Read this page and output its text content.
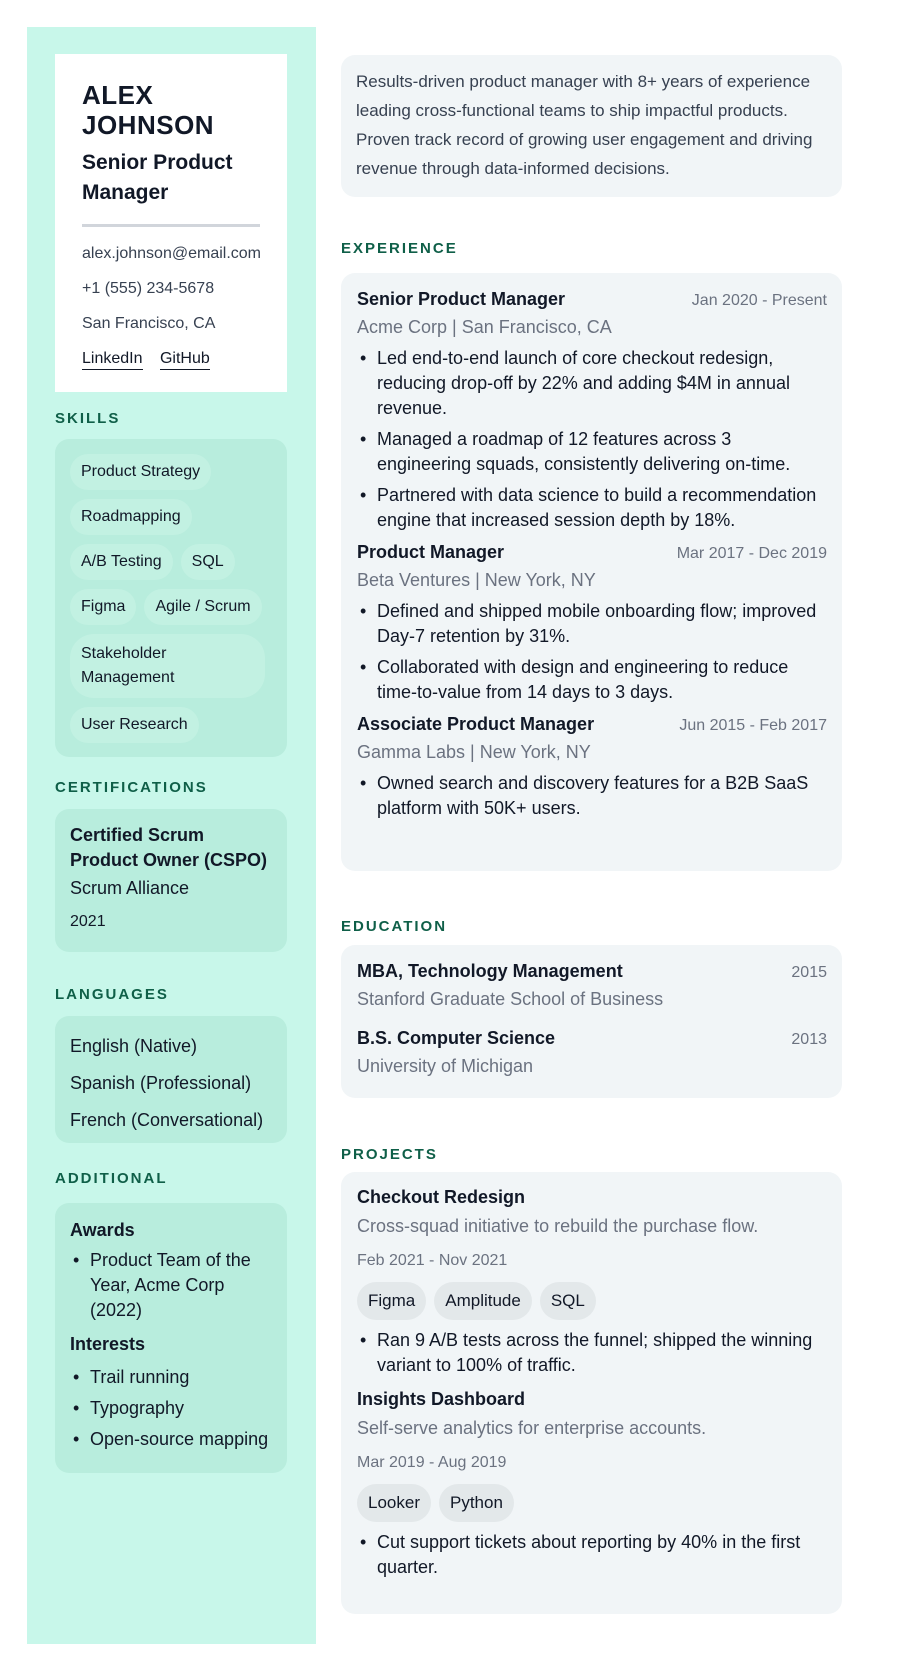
ALEX
JOHNSON
Senior Product
Manager
alex.johnson@email.com
+1 (555) 234-5678
San Francisco, CA
LinkedIn GitHub
SKILLS
Product Strategy
Roadmapping
A/B Testing	SQL
Figma	Agile / Scrum
Stakeholder Management
User Research
CERTIFICATIONS
Certified Scrum
Product Owner (CSPO)
Scrum Alliance
2021
LANGUAGES
English (Native)
Spanish (Professional)
French (Conversational)
ADDITIONAL
Awards
• Product Team of the Year, Acme Corp (2022)
Interests
• Trail running
• Typography
• Open-source mapping
Results-driven product manager with 8+ years of experience leading cross-functional teams to ship impactful products. Proven track record of growing user engagement and driving revenue through data-informed decisions.
EXPERIENCE
Senior Product Manager	Jan 2020 - Present
Acme Corp | San Francisco, CA
• Led end-to-end launch of core checkout redesign, reducing drop-off by 22% and adding $4M in annual revenue.
• Managed a roadmap of 12 features across 3 engineering squads, consistently delivering on-time.
• Partnered with data science to build a recommendation engine that increased session depth by 18%.
Product Manager	Mar 2017 - Dec 2019
Beta Ventures | New York, NY
• Defined and shipped mobile onboarding flow; improved Day-7 retention by 31%.
• Collaborated with design and engineering to reduce time-to-value from 14 days to 3 days.
Associate Product Manager	Jun 2015 - Feb 2017
Gamma Labs | New York, NY
• Owned search and discovery features for a B2B SaaS platform with 50K+ users.
EDUCATION
MBA, Technology Management	2015
Stanford Graduate School of Business
B.S. Computer Science	2013
University of Michigan
PROJECTS
Checkout Redesign
Cross-squad initiative to rebuild the purchase flow.
Feb 2021 - Nov 2021
Figma	Amplitude	SQL
• Ran 9 A/B tests across the funnel; shipped the winning variant to 100% of traffic.
Insights Dashboard
Self-serve analytics for enterprise accounts.
Mar 2019 - Aug 2019
Looker	Python
• Cut support tickets about reporting by 40% in the first quarter.
